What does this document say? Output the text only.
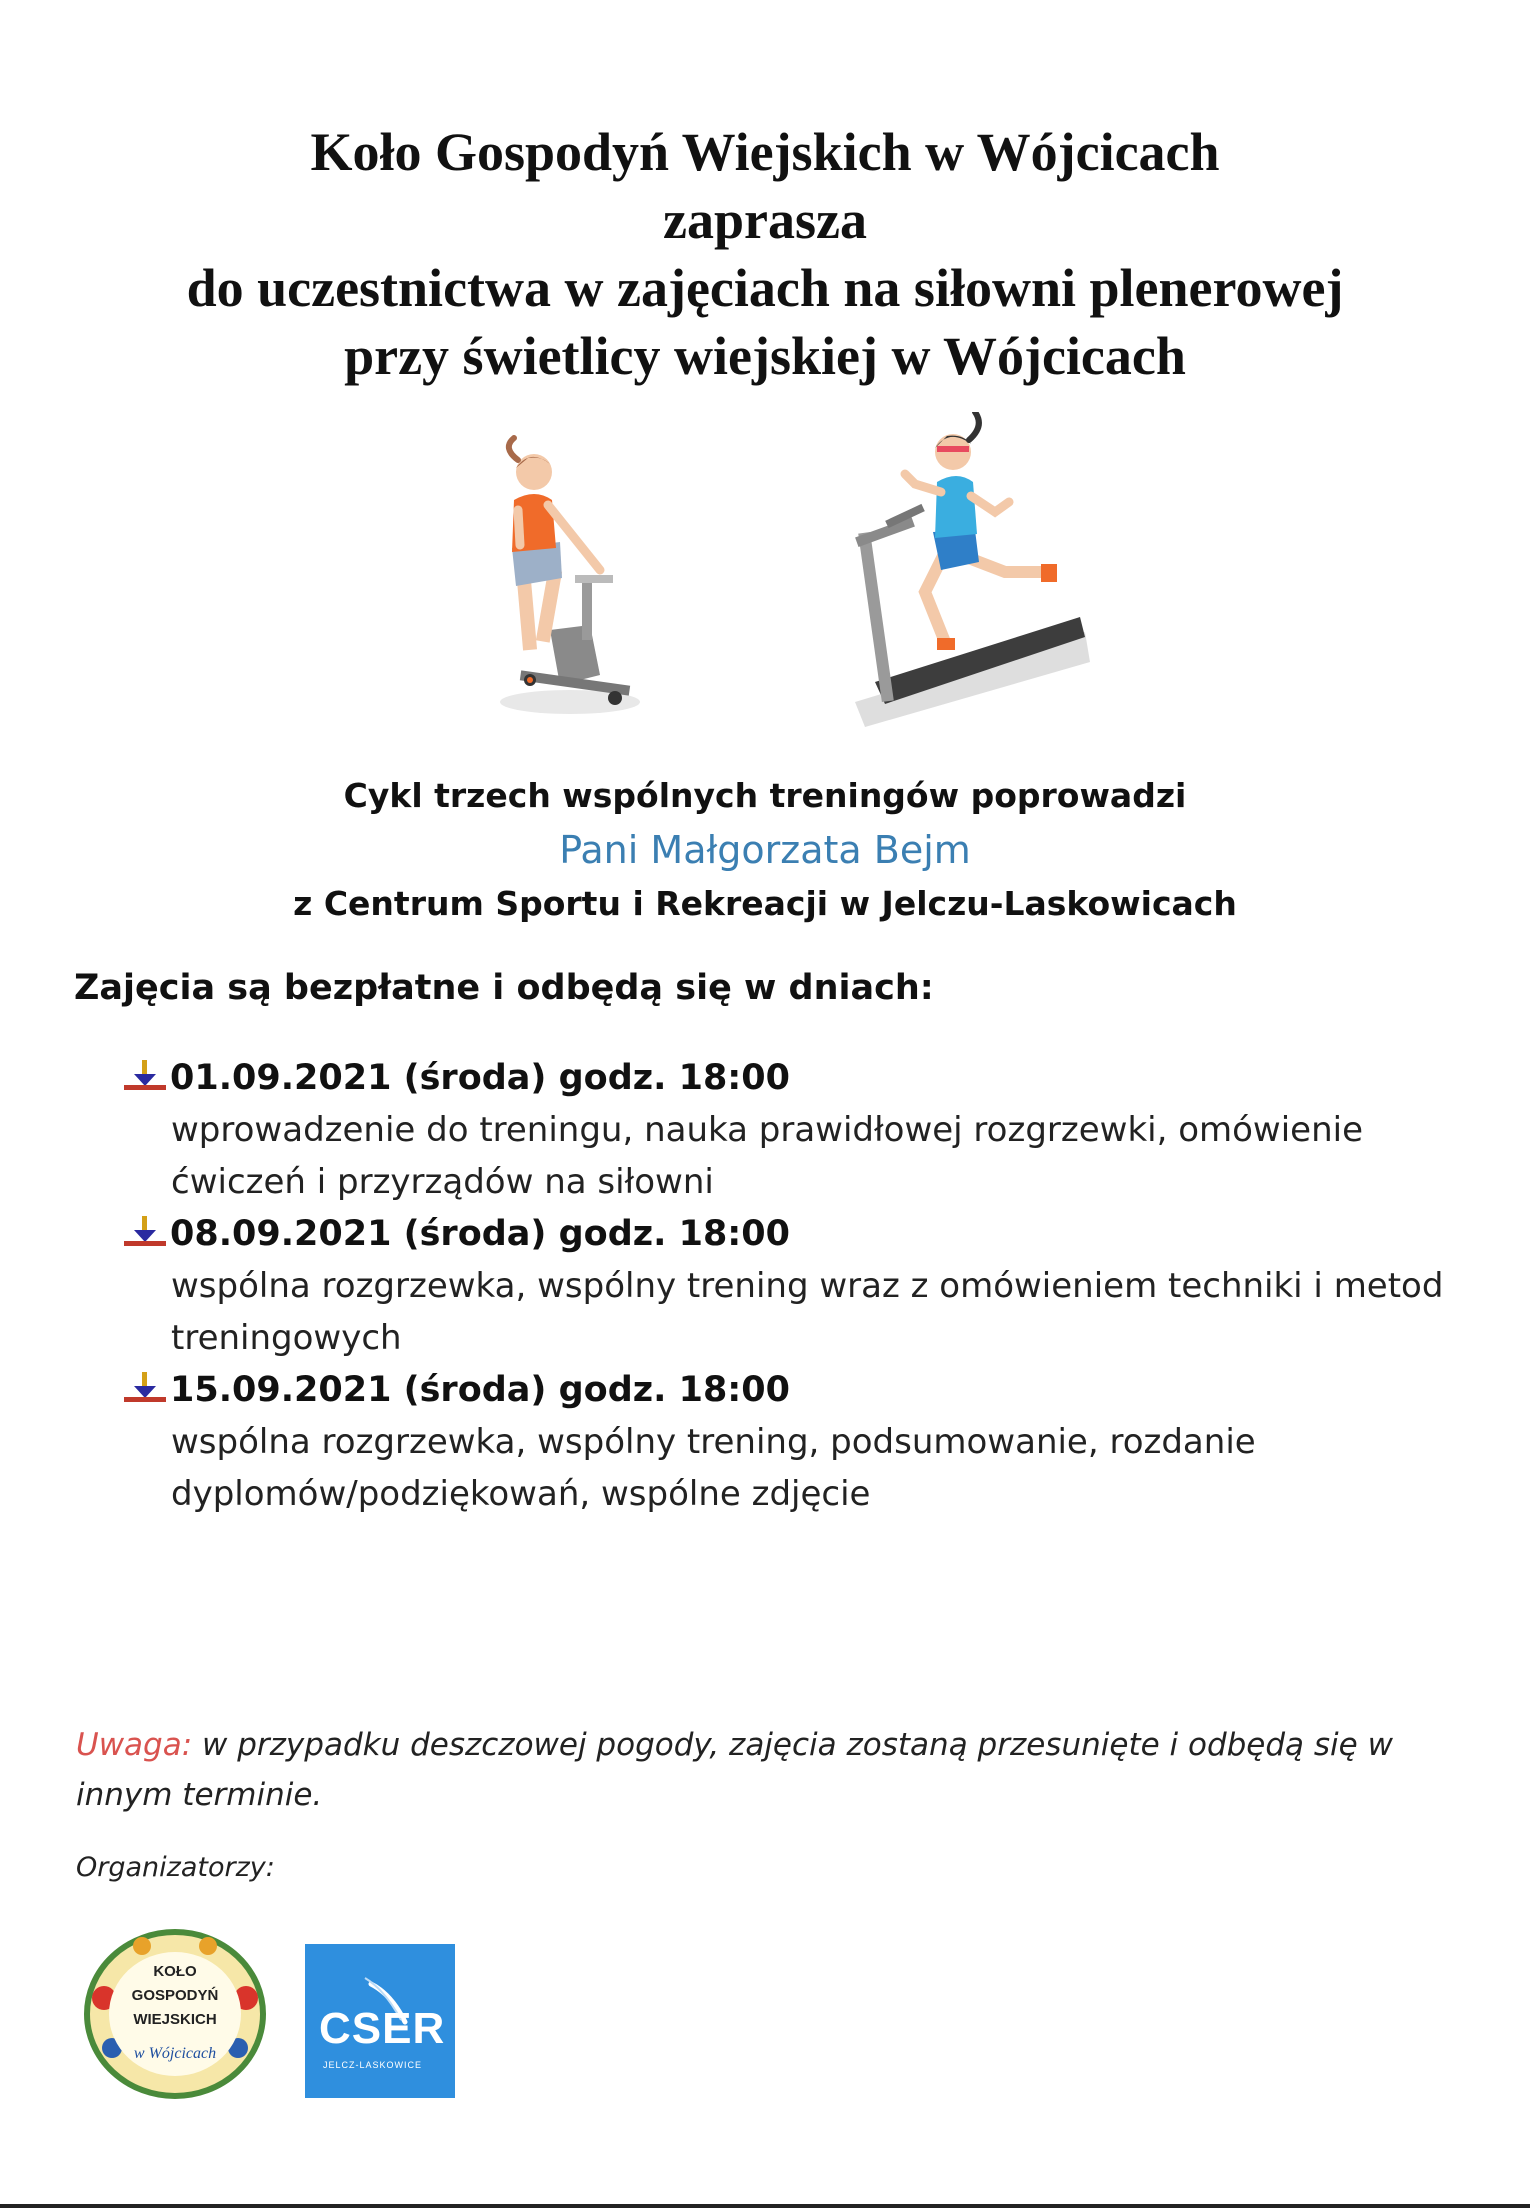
Koło Gospodyń Wiejskich w Wójcicach
zaprasza
do uczestnictwa w zajęciach na siłowni plenerowej
przy świetlicy wiejskiej w Wójcicach
Cykl trzech wspólnych treningów poprowadzi
Pani Małgorzata Bejm
z Centrum Sportu i Rekreacji w Jelczu-Laskowicach
Zajęcia są bezpłatne i odbędą się w dniach:
01.09.2021 (środa) godz. 18:00
wprowadzenie do treningu, nauka prawidłowej rozgrzewki, omówienie ćwiczeń i przyrządów na siłowni
08.09.2021 (środa) godz. 18:00
wspólna rozgrzewka, wspólny trening wraz z omówieniem techniki i metod treningowych
15.09.2021 (środa) godz. 18:00
wspólna rozgrzewka, wspólny trening, podsumowanie, rozdanie dyplomów/podziękowań, wspólne zdjęcie
Uwaga: w przypadku deszczowej pogody, zajęcia zostaną przesunięte i odbędą się w innym terminie.
Organizatorzy:
KOŁO
GOSPODYŃ
WIEJSKICH
w Wójcicach
CSER
JELCZ-LASKOWICE
